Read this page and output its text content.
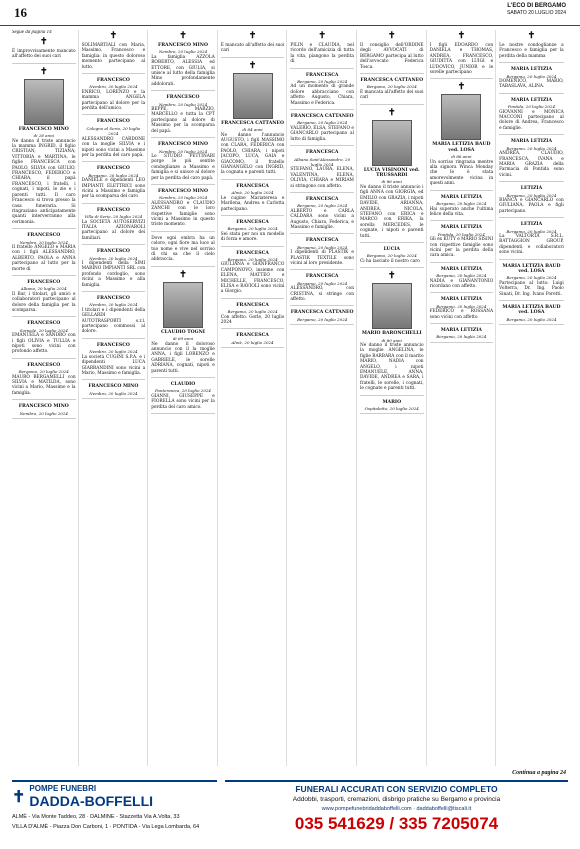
16	L'ECO DI BERGAMO
SABATO 20 LUGLIO 2024
Segue da pagina 14
✝

È improvvisamente mancato all'affetto dei suoi cari

✝
FRANCESCO MINO
di 28 anni

Ne danno il triste annuncio la mamma INGRID, il figlio CRISTIAN, TIZIANA, VITTORIA e MARTINA, le figlie FRANCESCA con PAOLO, SILVIA con GIULIO, FRANCESCO, FEDERICO e CHIARA, il papà FRANCESCO, i fratelli, i cognati, i nipoti, le zie e i parenti tutti. Il caro Francesco si trova presso la casa funeraria. Si ringraziano anticipatamente quanti interverranno alla cerimonia.

FRANCESCO
Nembro, 20 luglio 2024

Il fratello ANGELO e MARIA con i figli ALESSANDRO, ALBERTO, PAOLA e ANNA partecipano al lutto per la morte di

FRANCESCO
Albano, 20 luglio 2024

Il Bar, i titolari, gli amici e collaboratori partecipano al dolore della famiglia per la scomparsa.

FRANCESCO
Sorisole, 20 luglio 2024

EMANUELA e SANDRO con i figli OLIVIA e TULLIA e nipoti sono vicini con profondo affetto.

FRANCESCO
Bergamo, 20 luglio 2024

MAURO BERGAMELLI con SILVIA e MATILDA, sono vicini a Mario, Massimo e la famiglia.

FRANCESCO MINO
Nembro, 20 luglio 2024
✝

SOLIMARTIALI con Maria, Massimo, Francesco e famiglia: in questo doloroso momento partecipano al lutto.

FRANCESCO
Nembro, 20 luglio 2024

ENRICO, LORENZO e la mamma ANGELA partecipano al dolore per la perdita dell'amico.

FRANCESCO
Cologno al Serio, 20 luglio 2024

ALESSANDRO CARDONE con la moglie SILVIA e i nipoti sono vicini a Massimo per la perdita del caro papà.

FRANCESCO
Bergamo, 20 luglio 2024

DANIELE e dipendenti LEO IMPIANTI ELETTRICI sono vicini a Massimo e famiglia per la scomparsa del caro

FRANCESCO
Villa di Serio, 20 luglio 2024

La SOCIETÀ AUTOSERVIZI ITALIA AZIONAROLI partecipano al dolore dei familiari.

FRANCESCO
Nembro, 20 luglio 2024

I dipendenti della SIMI MARINO IMPIANTI SRL con profondo cordoglio, sono vicini a Massimo e alla famiglia.

FRANCESCO
Nembro, 20 luglio 2024

I titolari e i dipendenti della GELLARDI AUTOTRASPORTI s.r.l. partecipano commossi al dolore.

FRANCESCO
Nembro, 20 luglio 2024

La società CUGINI S.P.A. e i dipendenti LUCA GIARRANDINI sono vicini a Mario, Massimo e famiglia.

FRANCESCO MINO
Nembro, 20 luglio 2024
✝
FRANCESCO MINO
Nembro, 20 luglio 2024

La famiglia AZZOLA ROBERTO, ALESSIA ed ETTORE, con GIULIA, si unisce al lutto della famiglia Mino profondamente addolorati.

FRANCESCO
Nembro, 20 luglio 2024

BEPPE, MARZIO, MARCELLO e tutta la CPT partecipano al dolore di Massimo per la scomparsa del papà.

FRANCESCO MINO
Nembro, 20 luglio 2024

Lo STUDIO PETTINARI porge le più sentite condoglianze a Massimo e famiglia e si unisce al dolore per la perdita del caro papà.

FRANCESCO MINO
Nembro, 20 luglio 2024

ALESSANDRO e CLAUDIO ZANCHI con le loro rispettive famiglie sono vicini a Massimo in questo triste momento.

Dove ogni ombra ha un colore, ogni fiore ma luce al tuo nome e vive nel sorriso di chi sa che il cielo abbraccia.

✝
CLAUDIO TOGNI
di 69 anni

Ne danno il doloroso annuncio con il la moglie ANNA, i figli LORENZO e GABRIELE, le sorelle ADRIANA, cognati, nipoti e parenti tutti.

CLAUDIO
Ponteranica, 20 luglio 2024

GIANNI, GIUSEPPE e FIORELLA sono vicini per la perdita del caro amico.

✝

È mancato all'affetto dei suoi cari

✝
FRANCESCA CATTANEO
di 84 anni

Ne danno l'annuncio AUGUSTO, i figli MASSIMO con CLARA, FEDERICA con PAOLO, CHIARA, i nipoti JACOPO, LUCA, GAIA e GIACOMO, il fratello GIANANGELO con INGRID, la cognata e parenti tutti.

FRANCESCA
Almè, 20 luglio 2024

Le cugine Mariateresa e Marilena, Andrea e Carlotta partecipano.

FRANCESCA
Bergamo, 20 luglio 2024

Sei stata per noi un modello di forza e amore.

FRANCESCA
Bergamo, 20 luglio 2024

GIULIANA e GIANFRANCO CAMPONOVO, insieme con ELENA, MATTEO e MICHELLE, FRANCESCO, ELISA e RAVIOLI sono vicini a Giorgio.

FRANCESCA
Bergamo, 20 luglio 2024

Con affetto. Gorle, 20 luglio 2024

FRANCESCA
Almè, 20 luglio 2024
✝

PILIN e CLAUDIA, nel ricordo dell'amicizia di tutta la vita, piangono la perdita di

FRANCESCA
Bergamo, 20 luglio 2024

Ad un momento di grande dolore abbracciano con affetto Augusto, Chiara, Massimo e Federica.

FRANCESCA CATTANEO
Bergamo, 20 luglio 2024

VALERIO, ELSA, STEFANO e GIANCARLO partecipano al lutto di famiglia.

FRANCESCA
Albano Sant'Alessandro, 20 luglio 2024

STEFANO, LAURA, ELENA, VALENTINA, ELENA, OLIVIA, CHIARA e MIRIAM si stringono con affetto.

FRANCESCA
Bergamo, 20 luglio 2024

ALBERTO e CARLA CALDARA sono vicini a Augusto, Chiara, Federica, e Massimo e famiglie.

FRANCESCA
Bergamo, 20 luglio 2024

I dipendenti di PLASTIK e PLASTIK TEXTILE sono vicini al loro presidente.

FRANCESCA
Bergamo, 20 luglio 2024

ALESSANDRO, con CRISTINA, si stringe con affetto.

FRANCESCA CATTANEO
Bergamo, 20 luglio 2024
✝

Il consiglio dell'ORDINE degli AVVOCATI di BERGAMO partecipa al lutto dell'avvocato Federica Tosca.

FRANCESCA CATTANEO
Bergamo, 20 luglio 2024

È mancata all'affetto dei suoi cari

✝
LUCIA VISINONI ved. TRUSSARDI
di 86 anni

Ne danno il triste annuncio i figli ANNA con GIORGIA, ed EMILIO con GRAZIA, i nipoti DAVIDE, ARIANNA, ANDREA, NICOLA, STEFANO con ERICA e MARCO con ERIKA, la sorella MERCEDES, le cognate, i nipoti e parenti tutti.

LUCIA
Bergamo, 20 luglio 2024

Ci ha lasciato il nostro caro

✝
MARIO BARONCHELLI
di 80 anni

Ne danno il triste annuncio la moglie ANGELINA, le figlie BARBARA con il marito MARIO, NADIA con ANGELO, i nipoti EMANUELE, ANNA, DAVIDE, ANDREA e SARA, i fratelli, le sorelle, i cognati, le cognate e parenti tutti.

MARIO
Ospitaletto, 20 luglio 2024
✝

I figli EDOARDO con DANIELA e THOMAS, ANDREA, FRANCESCO, GIUDITTA con LUIGI e LUDOVICO, JUNIOR e le sorelle partecipano

✝
MARIA LETIZIA BAUD ved. LOSA
di 86 anni

Un sorriso ringrazia mentre alla signora Winca Monday che le è stata amorevolmente vicina in questi anni.

MARIA LETIZIA
Bergamo, 20 luglio 2024

Hai superato anche l'ultima felice della vita.

MARIA LETIZIA
Pontida, 20 luglio 2024

Gli ex KUTY e MARIO SISINI con rispettive famiglie sono vicini per la perdita della cara amica.

MARIA LETIZIA
Bergamo, 20 luglio 2024

NADIA e GIANANTONIO ricordano con affetto.

MARIA LETIZIA
Bergamo, 20 luglio 2024

FEDERICO e ROSSANA sono vicini con affetto.

MARIA LETIZIA
Bergamo, 20 luglio 2024
✝

Le nostre condoglianze a Francesco e famiglia per la perdita della mamma

MARIA LETIZIA
Bergamo, 20 luglio 2024

DOMENICO, MARIO, TABASLAVA, ALINA.

MARIA LETIZIA
Pontida, 20 luglio 2024

GIOVANNI e MONICA MACCONI partecipano al dolore di Andrea, Francesco e famiglie.

MARIA LETIZIA
Bergamo, 20 luglio 2024

ANDREA, CLAUDIO, FRANCESCA, IVANA e MARIA GRAZIA della Farmacia di Pontida sono vicini.

LETIZIA
Bergamo, 20 luglio 2024

BIANCA e GIANCARLO con GIULIANA, PAOLA e figli partecipano.

LETIZIA
Bergamo, 20 luglio 2024

La VALTORTA S.R.L. BATTAGGION GROUP, dipendenti e collaboratori sono vicini.

MARIA LETIZIA BAUD ved. LOSA
Bergamo, 20 luglio 2024

Partecipano al lutto: Luigi Volterra, Dr. Ing. Paolo Sinati, Dr. Ing. Ivano Poretti.

MARIA LETIZIA BAUD ved. LOSA
Bergamo, 20 luglio 2024
Continua a pagina 24
✝ POMPE FUNEBRI
DADDA-BOFFELLI
ALMÈ - Via Monte Taddeo, 28 · DALMINE - Stazzetta Via A.Volta, 33
VILLA D'ALMÈ - Piazza Don Carboni, 1 · PONTIDA - Via Lega Lombarda, 64
FUNERALI ACCURATI CON SERVIZIO COMPLETO
Addobbi, trasporti, cremazioni, disbrigo pratiche su Bergamo e provincia
www.pompefunebridaddaboffelli.com · daddaboffelli@tiscali.it
035 541629 / 335 7205074
